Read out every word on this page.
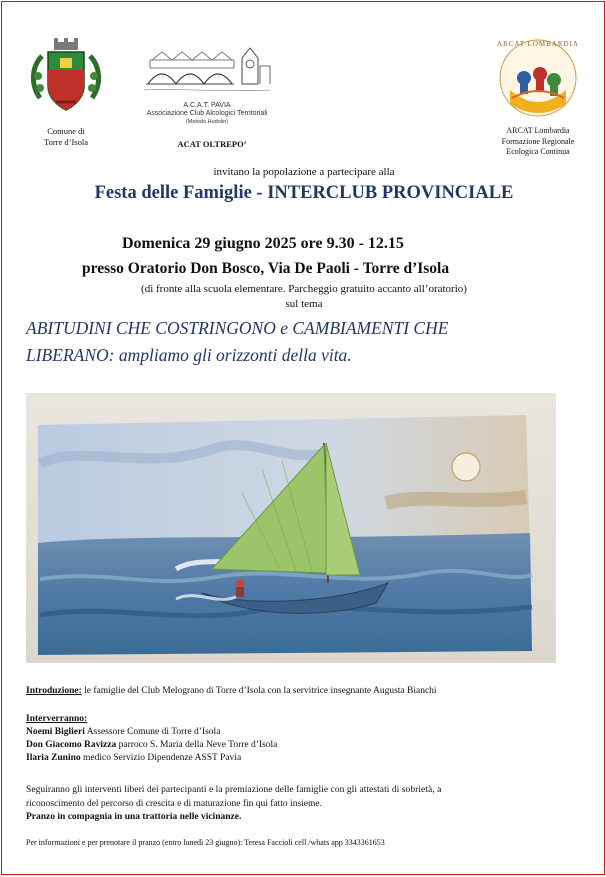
Comune di
Torre d’Isola
A.C.A.T. PAVIA
Associazione Club Alcologici Territoriali
(Metodo Hudolin)
ACAT OLTREPO’
ARCAT LOMBARDIA
ARCAT Lombardia
Formazione Regionale
Ecologica Continua
invitano la popolazione a partecipare alla
Festa delle Famiglie - INTERCLUB PROVINCIALE
Domenica 29 giugno 2025 ore 9.30 - 12.15
presso Oratorio Don Bosco, Via De Paoli - Torre d’Isola
(di fronte alla scuola elementare. Parcheggio gratuito accanto all’oratorio)
sul tema
ABITUDINI CHE COSTRINGONO e CAMBIAMENTI CHE
LIBERANO: ampliamo gli orizzonti della vita.
Introduzione: le famiglie del Club Melograno di Torre d’Isola con la servitrice insegnante Augusta Bianchi
Interverranno:
Noemi Biglieri Assessore Comune di Torre d’Isola
Don Giacomo Ravizza parroco S. Maria della Neve Torre d’Isola
Ilaria Zunino medico Servizio Dipendenze ASST Pavia
Seguiranno gli interventi liberi dei partecipanti e la premiazione delle famiglie con gli attestati di sobrietà, a
riconoscimento del percorso di crescita e di maturazione fin qui fatto insieme.
Pranzo in compagnia in una trattoria nelle vicinanze.
Per informazioni e per prenotare il pranzo (entro lunedì 23 giugno): Teresa Faccioli cell /whats app 3343361653
